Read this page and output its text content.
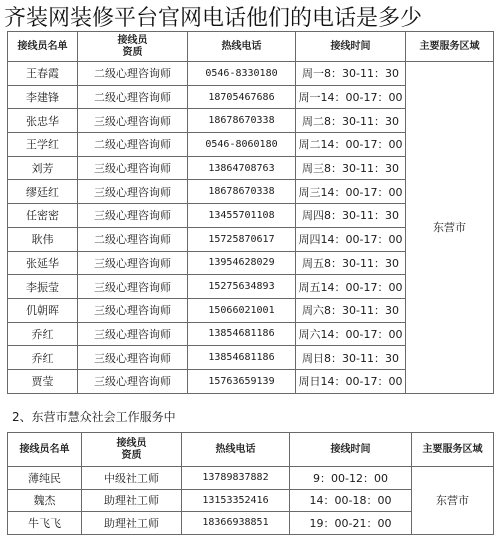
齐装网装修平台官网电话他们的电话是多少
接线员名单	接线员
资质	热线电话	接线时间	主要服务区域
王春霞	二级心理咨询师	0546-8330180	周一8：30-11：30	东营市
李建锋	二级心理咨询师	18705467686	周一14：00-17：00	
张忠华	三级心理咨询师	18678670338	周二8：30-11：30	
王学红	二级心理咨询师	0546-8060180	周二14：00-17：00	
刘芳	三级心理咨询师	13864708763	周三8：30-11：30	
缪廷红	三级心理咨询师	18678670338	周三14：00-17：00	
任密密	三级心理咨询师	13455701108	周四8：30-11：30	
耿伟	二级心理咨询师	15725870617	周四14：00-17：00	
张延华	三级心理咨询师	13954628029	周五8：30-11：30	
李振莹	三级心理咨询师	15275634893	周五14：00-17：00	
仉朝晖	三级心理咨询师	15066021001	周六8：30-11：30	
乔红	三级心理咨询师	13854681186	周六14：00-17：00	
乔红	三级心理咨询师	13854681186	周日8：30-11：30	
贾莹	三级心理咨询师	15763659139	周日14：00-17：00	
2、东营市慧众社会工作服务中
接线员名单	接线员
资质	热线电话	接线时间	主要服务区域
薄纯民	中级社工师	13789837882	9：00-12：00	东营市
魏杰	助理社工师	13153352416	14：00-18：00	
牛飞飞	助理社工师	18366938851	19：00-21：00	
